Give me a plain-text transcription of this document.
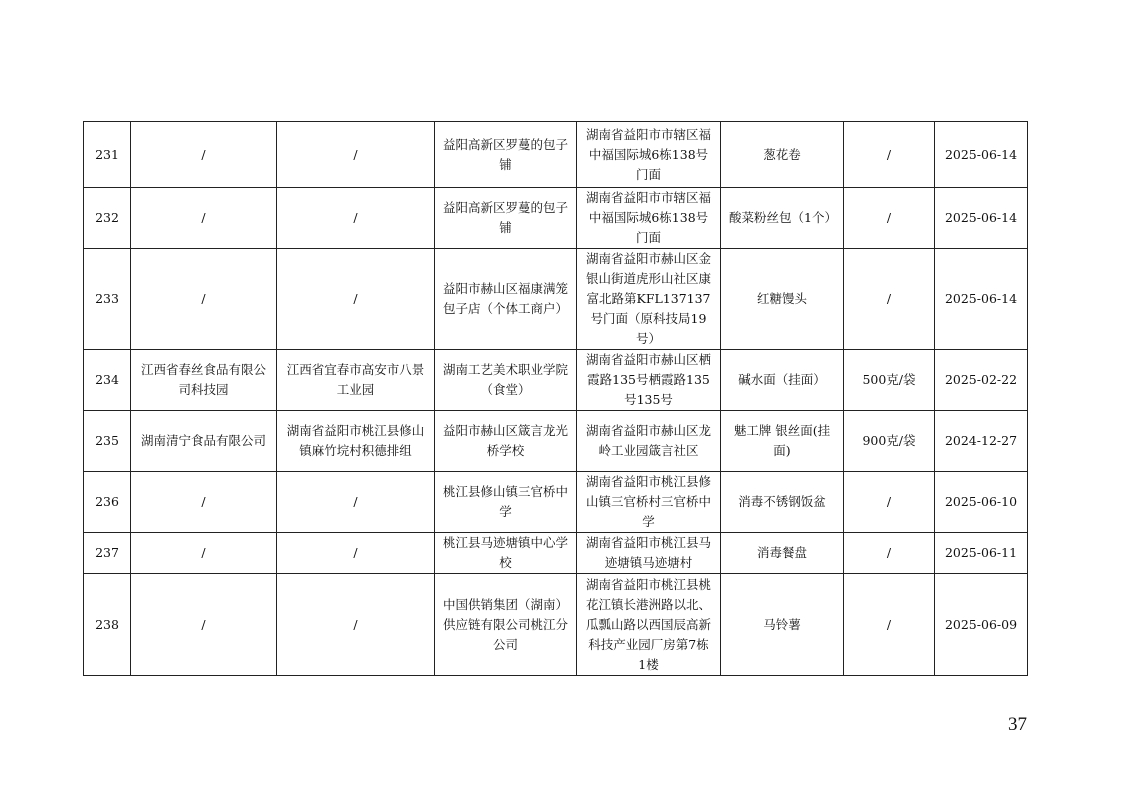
231	/	/	益阳高新区罗蔓的包子铺	湖南省益阳市市辖区福中福国际城6栋138号门面	葱花卷	/	2025-06-14
232	/	/	益阳高新区罗蔓的包子铺	湖南省益阳市市辖区福中福国际城6栋138号门面	酸菜粉丝包（1个）	/	2025-06-14
233	/	/	益阳市赫山区福康满笼包子店（个体工商户）	湖南省益阳市赫山区金银山街道虎形山社区康富北路第KFL137137号门面（原科技局19号）	红糖馒头	/	2025-06-14
234	江西省春丝食品有限公司科技园	江西省宜春市高安市八景工业园	湖南工艺美术职业学院（食堂）	湖南省益阳市赫山区栖霞路135号栖霞路135号135号	碱水面（挂面）	500克/袋	2025-02-22
235	湖南清宁食品有限公司	湖南省益阳市桃江县修山镇麻竹垸村积德排组	益阳市赫山区箴言龙光桥学校	湖南省益阳市赫山区龙岭工业园箴言社区	魅工牌 银丝面(挂面)	900克/袋	2024-12-27
236	/	/	桃江县修山镇三官桥中学	湖南省益阳市桃江县修山镇三官桥村三官桥中学	消毒不锈钢饭盆	/	2025-06-10
237	/	/	桃江县马迹塘镇中心学校	湖南省益阳市桃江县马迹塘镇马迹塘村	消毒餐盘	/	2025-06-11
238	/	/	中国供销集团（湖南）供应链有限公司桃江分公司	湖南省益阳市桃江县桃花江镇长港洲路以北、瓜瓢山路以西国辰高新科技产业园厂房第7栋1楼	马铃薯	/	2025-06-09
37
